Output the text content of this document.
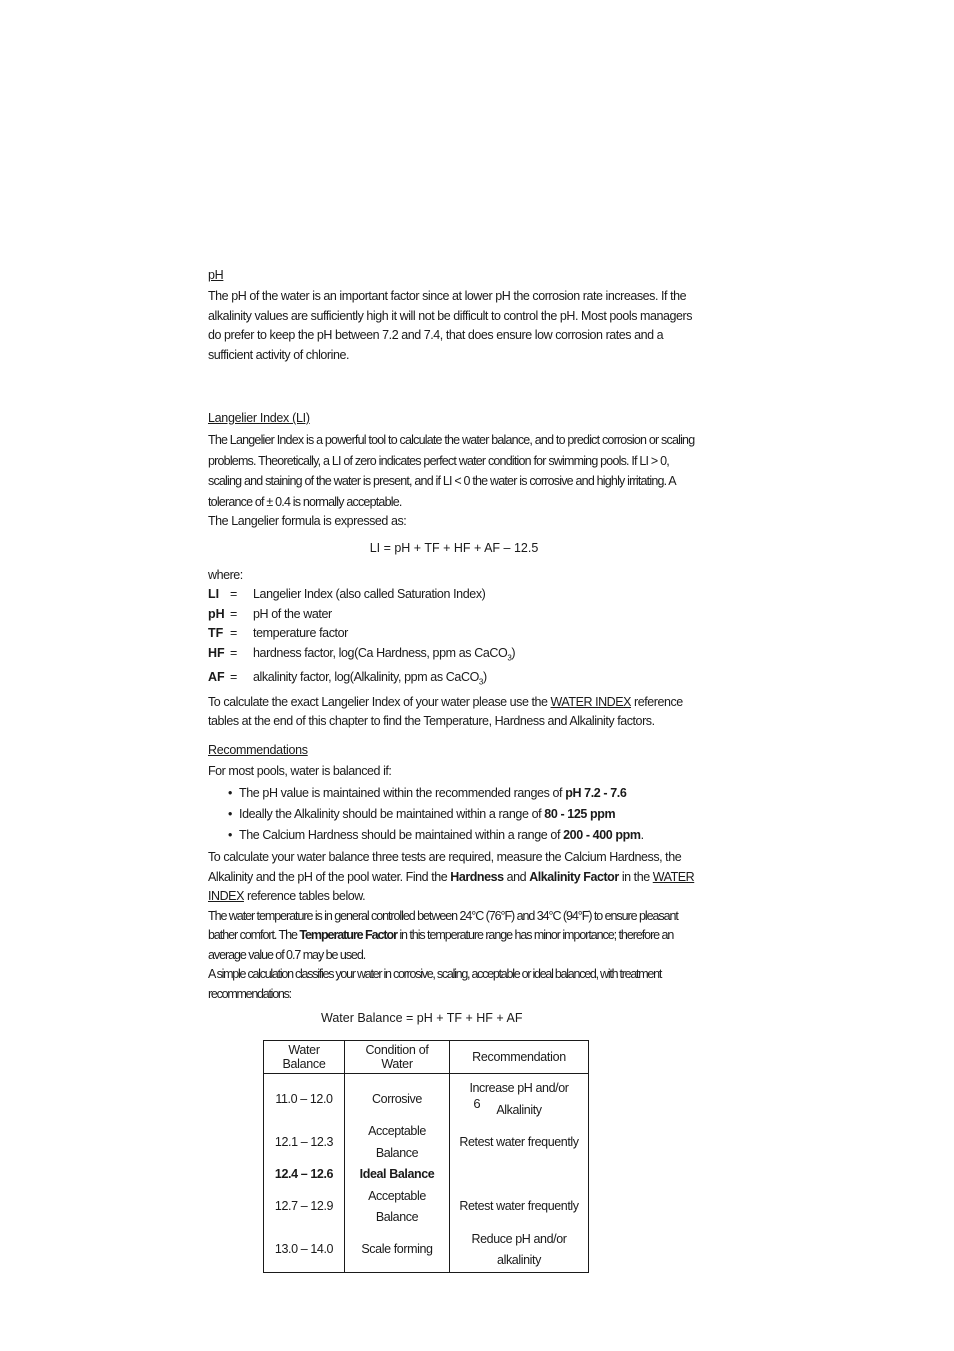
pH

The pH of the water is an important factor since at lower pH the corrosion rate increases. If the alkalinity values are sufficiently high it will not be difficult to control the pH. Most pools managers do prefer to keep the pH between 7.2 and 7.4, that does ensure low corrosion rates and a sufficient activity of chlorine.

Langelier Index (LI)

The Langelier Index is a powerful tool to calculate the water balance, and to predict corrosion or scaling problems. Theoretically, a LI of zero indicates perfect water condition for swimming pools. If LI > 0, scaling and staining of the water is present, and if LI < 0 the water is corrosive and highly irritating. A tolerance of ± 0.4 is normally acceptable.

The Langelier formula is expressed as:

LI = pH + TF + HF + AF – 12.5

where:

LI =	Langelier Index (also called Saturation Index)
pH =	pH of the water
TF =	temperature factor
HF =	hardness factor, log(Ca Hardness, ppm as CaCO$_3$)
AF =	alkalinity factor, log(Alkalinity, ppm as CaCO$_3$)

To calculate the exact Langelier Index of your water please use the WATER INDEX reference tables at the end of this chapter to find the Temperature, Hardness and Alkalinity factors.

Recommendations

For most pools, water is balanced if:

• The pH value is maintained within the recommended ranges of pH 7.2 - 7.6
• Ideally the Alkalinity should be maintained within a range of 80 - 125 ppm
• The Calcium Hardness should be maintained within a range of 200 - 400 ppm.

To calculate your water balance three tests are required, measure the Calcium Hardness, the Alkalinity and the pH of the pool water. Find the Hardness and Alkalinity Factor in the WATER INDEX reference tables below.

The water temperature is in general controlled between 24°C (76°F) and 34°C (94°F) to ensure pleasant bather comfort. The Temperature Factor in this temperature range has minor importance; therefore an average value of 0.7 may be used.

A simple calculation classifies your water in corrosive, scaling, acceptable or ideal balanced, with treatment recommendations:

Water Balance = pH + TF + HF + AF

Water Balance	Condition of Water	Recommendation
11.0 – 12.0	Corrosive	Increase pH and/or Alkalinity
12.1 – 12.3	Acceptable Balance	Retest water frequently
12.4 – 12.6	Ideal Balance	
12.7 – 12.9	Acceptable Balance	Retest water frequently
13.0 – 14.0	Scale forming	Reduce pH and/or alkalinity
6
